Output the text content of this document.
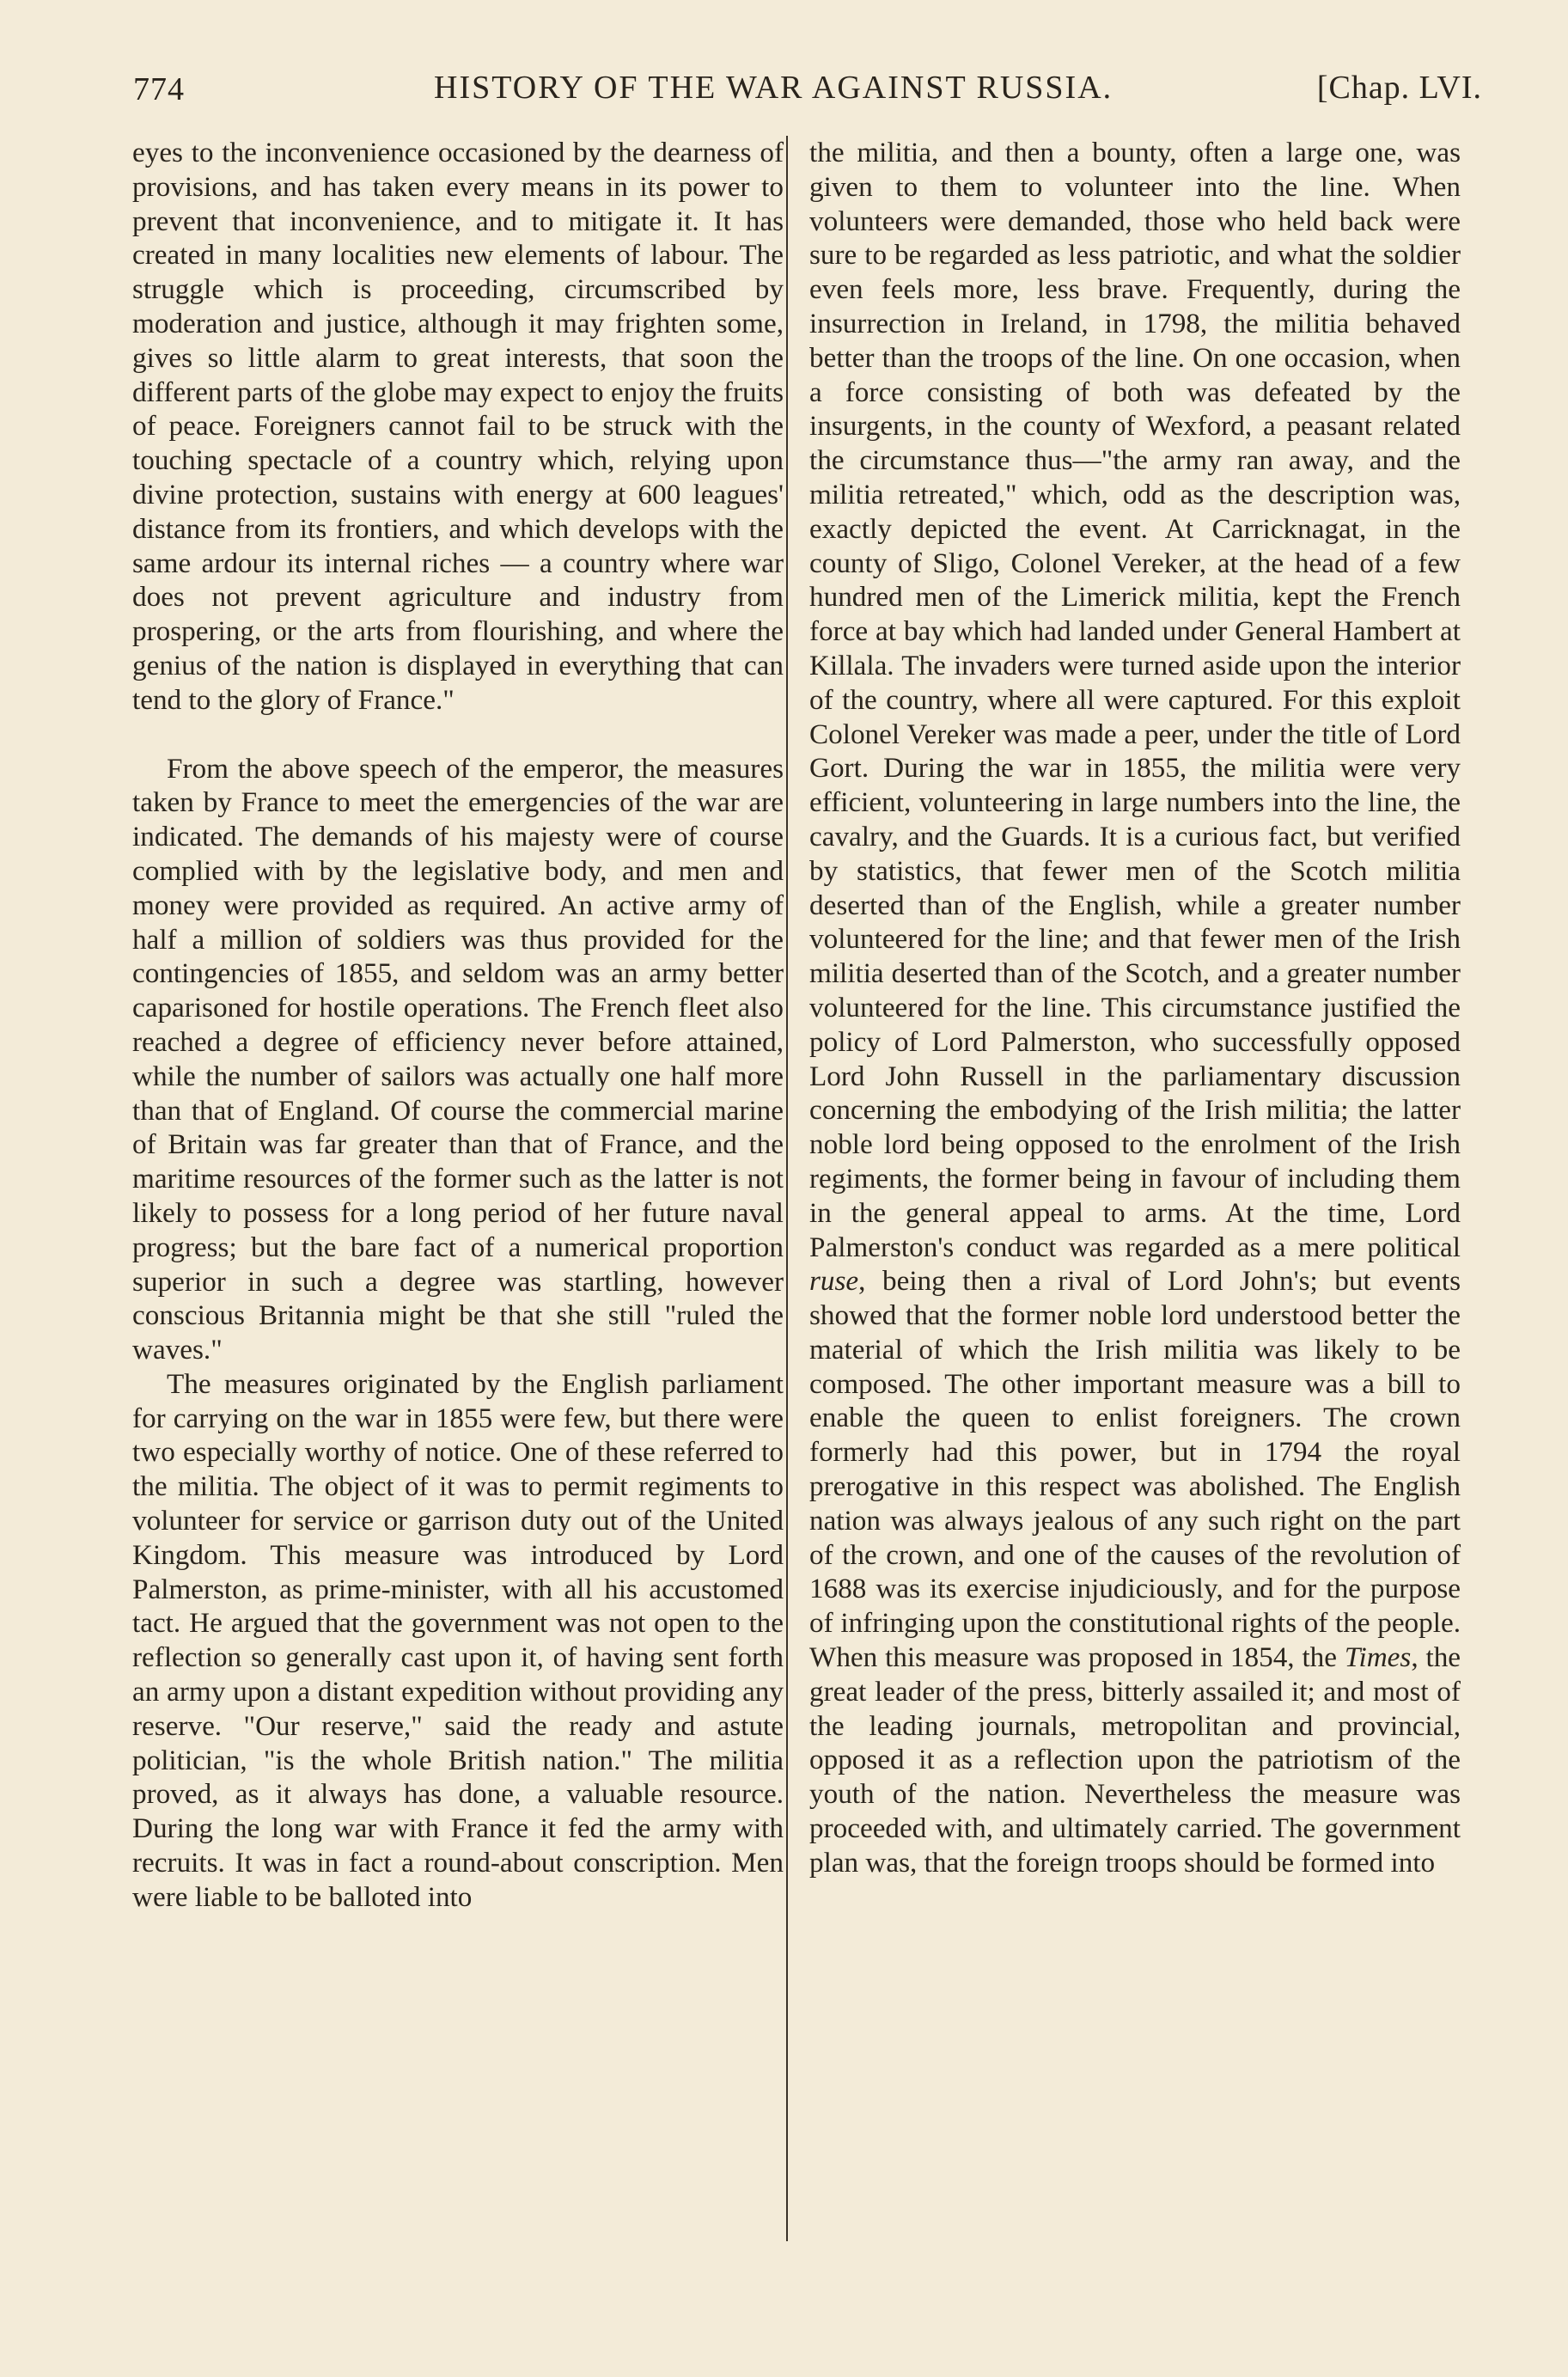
774	HISTORY OF THE WAR AGAINST RUSSIA.	[Chap. LVI.

eyes to the inconvenience occasioned by the dearness of provisions, and has taken every means in its power to prevent that inconvenience, and to mitigate it. It has created in many localities new elements of labour. The struggle which is proceeding, circumscribed by moderation and justice, although it may frighten some, gives so little alarm to great interests, that soon the different parts of the globe may expect to enjoy the fruits of peace. Foreigners cannot fail to be struck with the touching spectacle of a country which, relying upon divine protection, sustains with energy at 600 leagues' distance from its frontiers, and which develops with the same ardour its internal riches — a country where war does not prevent agriculture and industry from prospering, or the arts from flourishing, and where the genius of the nation is displayed in everything that can tend to the glory of France."

From the above speech of the emperor, the measures taken by France to meet the emergencies of the war are indicated. The demands of his majesty were of course complied with by the legislative body, and men and money were provided as required. An active army of half a million of soldiers was thus provided for the contingencies of 1855, and seldom was an army better caparisoned for hostile operations. The French fleet also reached a degree of efficiency never before attained, while the number of sailors was actually one half more than that of England. Of course the commercial marine of Britain was far greater than that of France, and the maritime resources of the former such as the latter is not likely to possess for a long period of her future naval progress; but the bare fact of a numerical proportion superior in such a degree was startling, however conscious Britannia might be that she still "ruled the waves."

The measures originated by the English parliament for carrying on the war in 1855 were few, but there were two especially worthy of notice. One of these referred to the militia. The object of it was to permit regiments to volunteer for service or garrison duty out of the United Kingdom. This measure was introduced by Lord Palmerston, as prime-minister, with all his accustomed tact. He argued that the government was not open to the reflection so generally cast upon it, of having sent forth an army upon a distant expedition without providing any reserve. "Our reserve," said the ready and astute politician, "is the whole British nation." The militia proved, as it always has done, a valuable resource. During the long war with France it fed the army with recruits. It was in fact a round-about conscription. Men were liable to be balloted into

the militia, and then a bounty, often a large one, was given to them to volunteer into the line. When volunteers were demanded, those who held back were sure to be regarded as less patriotic, and what the soldier even feels more, less brave. Frequently, during the insurrection in Ireland, in 1798, the militia behaved better than the troops of the line. On one occasion, when a force consisting of both was defeated by the insurgents, in the county of Wexford, a peasant related the circumstance thus—"the army ran away, and the militia retreated," which, odd as the description was, exactly depicted the event. At Carricknagat, in the county of Sligo, Colonel Vereker, at the head of a few hundred men of the Limerick militia, kept the French force at bay which had landed under General Hambert at Killala. The invaders were turned aside upon the interior of the country, where all were captured. For this exploit Colonel Vereker was made a peer, under the title of Lord Gort. During the war in 1855, the militia were very efficient, volunteering in large numbers into the line, the cavalry, and the Guards. It is a curious fact, but verified by statistics, that fewer men of the Scotch militia deserted than of the English, while a greater number volunteered for the line; and that fewer men of the Irish militia deserted than of the Scotch, and a greater number volunteered for the line. This circumstance justified the policy of Lord Palmerston, who successfully opposed Lord John Russell in the parliamentary discussion concerning the embodying of the Irish militia; the latter noble lord being opposed to the enrolment of the Irish regiments, the former being in favour of including them in the general appeal to arms. At the time, Lord Palmerston's conduct was regarded as a mere political ruse, being then a rival of Lord John's; but events showed that the former noble lord understood better the material of which the Irish militia was likely to be composed. The other important measure was a bill to enable the queen to enlist foreigners. The crown formerly had this power, but in 1794 the royal prerogative in this respect was abolished. The English nation was always jealous of any such right on the part of the crown, and one of the causes of the revolution of 1688 was its exercise injudiciously, and for the purpose of infringing upon the constitutional rights of the people. When this measure was proposed in 1854, the Times, the great leader of the press, bitterly assailed it; and most of the leading journals, metropolitan and provincial, opposed it as a reflection upon the patriotism of the youth of the nation. Nevertheless the measure was proceeded with, and ultimately carried. The government plan was, that the foreign troops should be formed into
